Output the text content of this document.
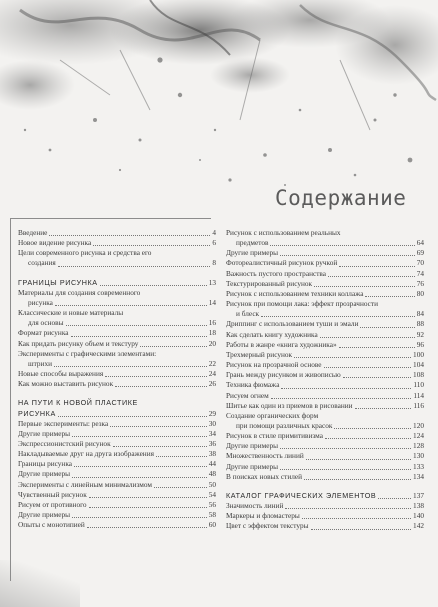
Содержание
Введение	4
Новое видение рисунка	6
Цели современного рисунка и средства его
создания	8
ГРАНИЦЫ РИСУНКА	13
Материалы для создания современного
рисунка	14
Классические и новые материалы
для основы	16
Формат рисунка	18
Как придать рисунку объем и текстуру	20
Эксперименты с графическими элементами:
штрихи	22
Новые способы выражения	24
Как можно выставить рисунок	26
НА ПУТИ К НОВОЙ ПЛАСТИКЕ
РИСУНКА	29
Первые эксперименты: резка	30
Другие примеры	34
Экспрессионистский рисунок	36
Накладываемые друг на друга изображения	38
Границы рисунка	44
Другие примеры	48
Эксперименты с линейным минимализмом	50
Чувственный рисунок	54
Рисуем от противного	56
Другие примеры	58
Опыты с монотипией	60
Рисунок с использованием реальных
предметов	64
Другие примеры	69
Фотореалистичный рисунок ручкой	70
Важность пустого пространства	74
Текстурированный рисунок	76
Рисунок с использованием техники коллажа	80
Рисунок при помощи лака: эффект прозрачности
и блеск	84
Дриппинг с использованием туши и эмали	88
Как сделать книгу художника	92
Работы в жанре «книга художника»	96
Трехмерный рисунок	100
Рисунок на прозрачной основе	104
Грань между рисунком и живописью	108
Техника фюмажа	110
Рисуем огнем	114
Шитье как один из приемов в рисовании	116
Создание органических форм
при помощи различных красок	120
Рисунок в стиле примитивизма	124
Другие примеры	128
Множественность линий	130
Другие примеры	133
В поисках новых стилей	134
КАТАЛОГ ГРАФИЧЕСКИХ ЭЛЕМЕНТОВ	137
Значимость линий	138
Маркеры и фломастеры	140
Цвет с эффектом текстуры	142
